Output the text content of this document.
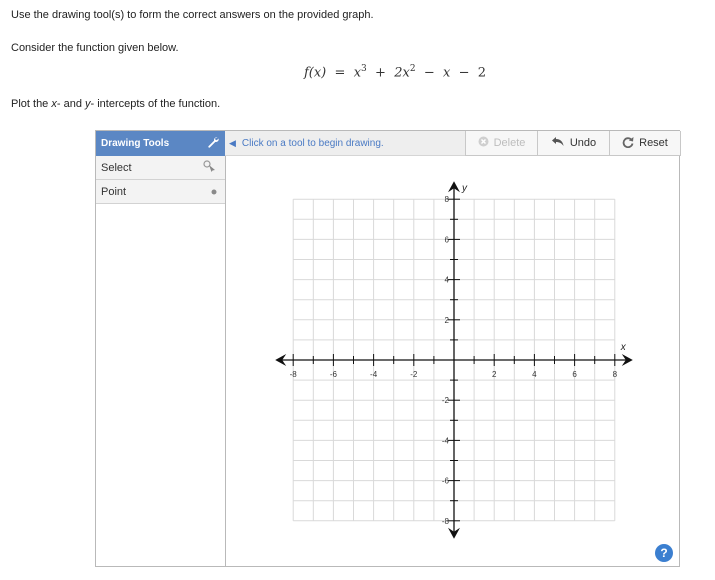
Use the drawing tool(s) to form the correct answers on the provided graph.
Consider the function given below.
$f(x) = x^3 + 2x^2 - x - 2$
Plot the x- and y- intercepts of the function.
Drawing Tools
Select
Point
◀ Click on a tool to begin drawing.	Delete	Undo	Reset
-8	-6	-4	-2	2	4	6	8
8
6
4
2
-2
-4
-6
-8
x
y
?
